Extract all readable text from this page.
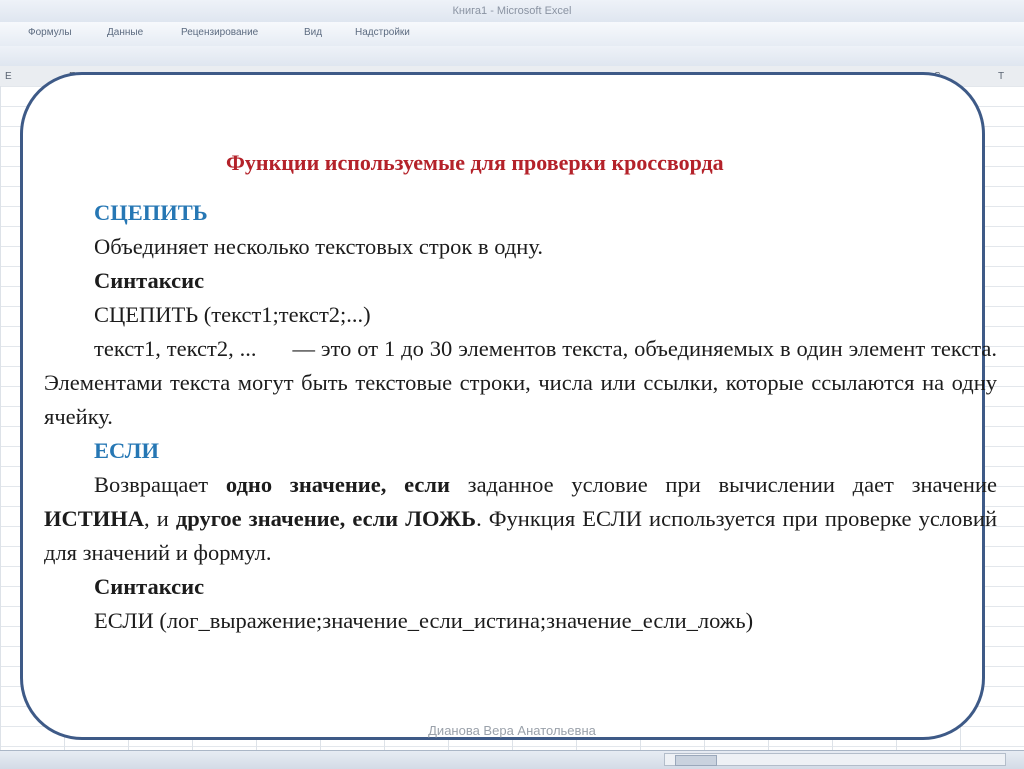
Книга1 - Microsoft Excel
Формулы	Данные	Рецензирование	Вид	Надстройки
E	T
Функции используемые для проверки кроссворда

СЦЕПИТЬ

Объединяет несколько текстовых строк в одну.

Синтаксис

СЦЕПИТЬ (текст1;текст2;...)

текст1, текст2, ... — это от 1 до 30 элементов текста, объединяемых в один элемент текста. Элементами текста могут быть текстовые строки, числа или ссылки, которые ссылаются на одну ячейку.

ЕСЛИ

Возвращает одно значение, если заданное условие при вычислении дает значение ИСТИНА, и другое значение, если ЛОЖЬ. Функция ЕСЛИ используется при проверке условий для значений и формул.

Синтаксис

ЕСЛИ (лог_выражение;значение_если_истина;значение_если_ложь)

Дианова Вера Анатольевна
